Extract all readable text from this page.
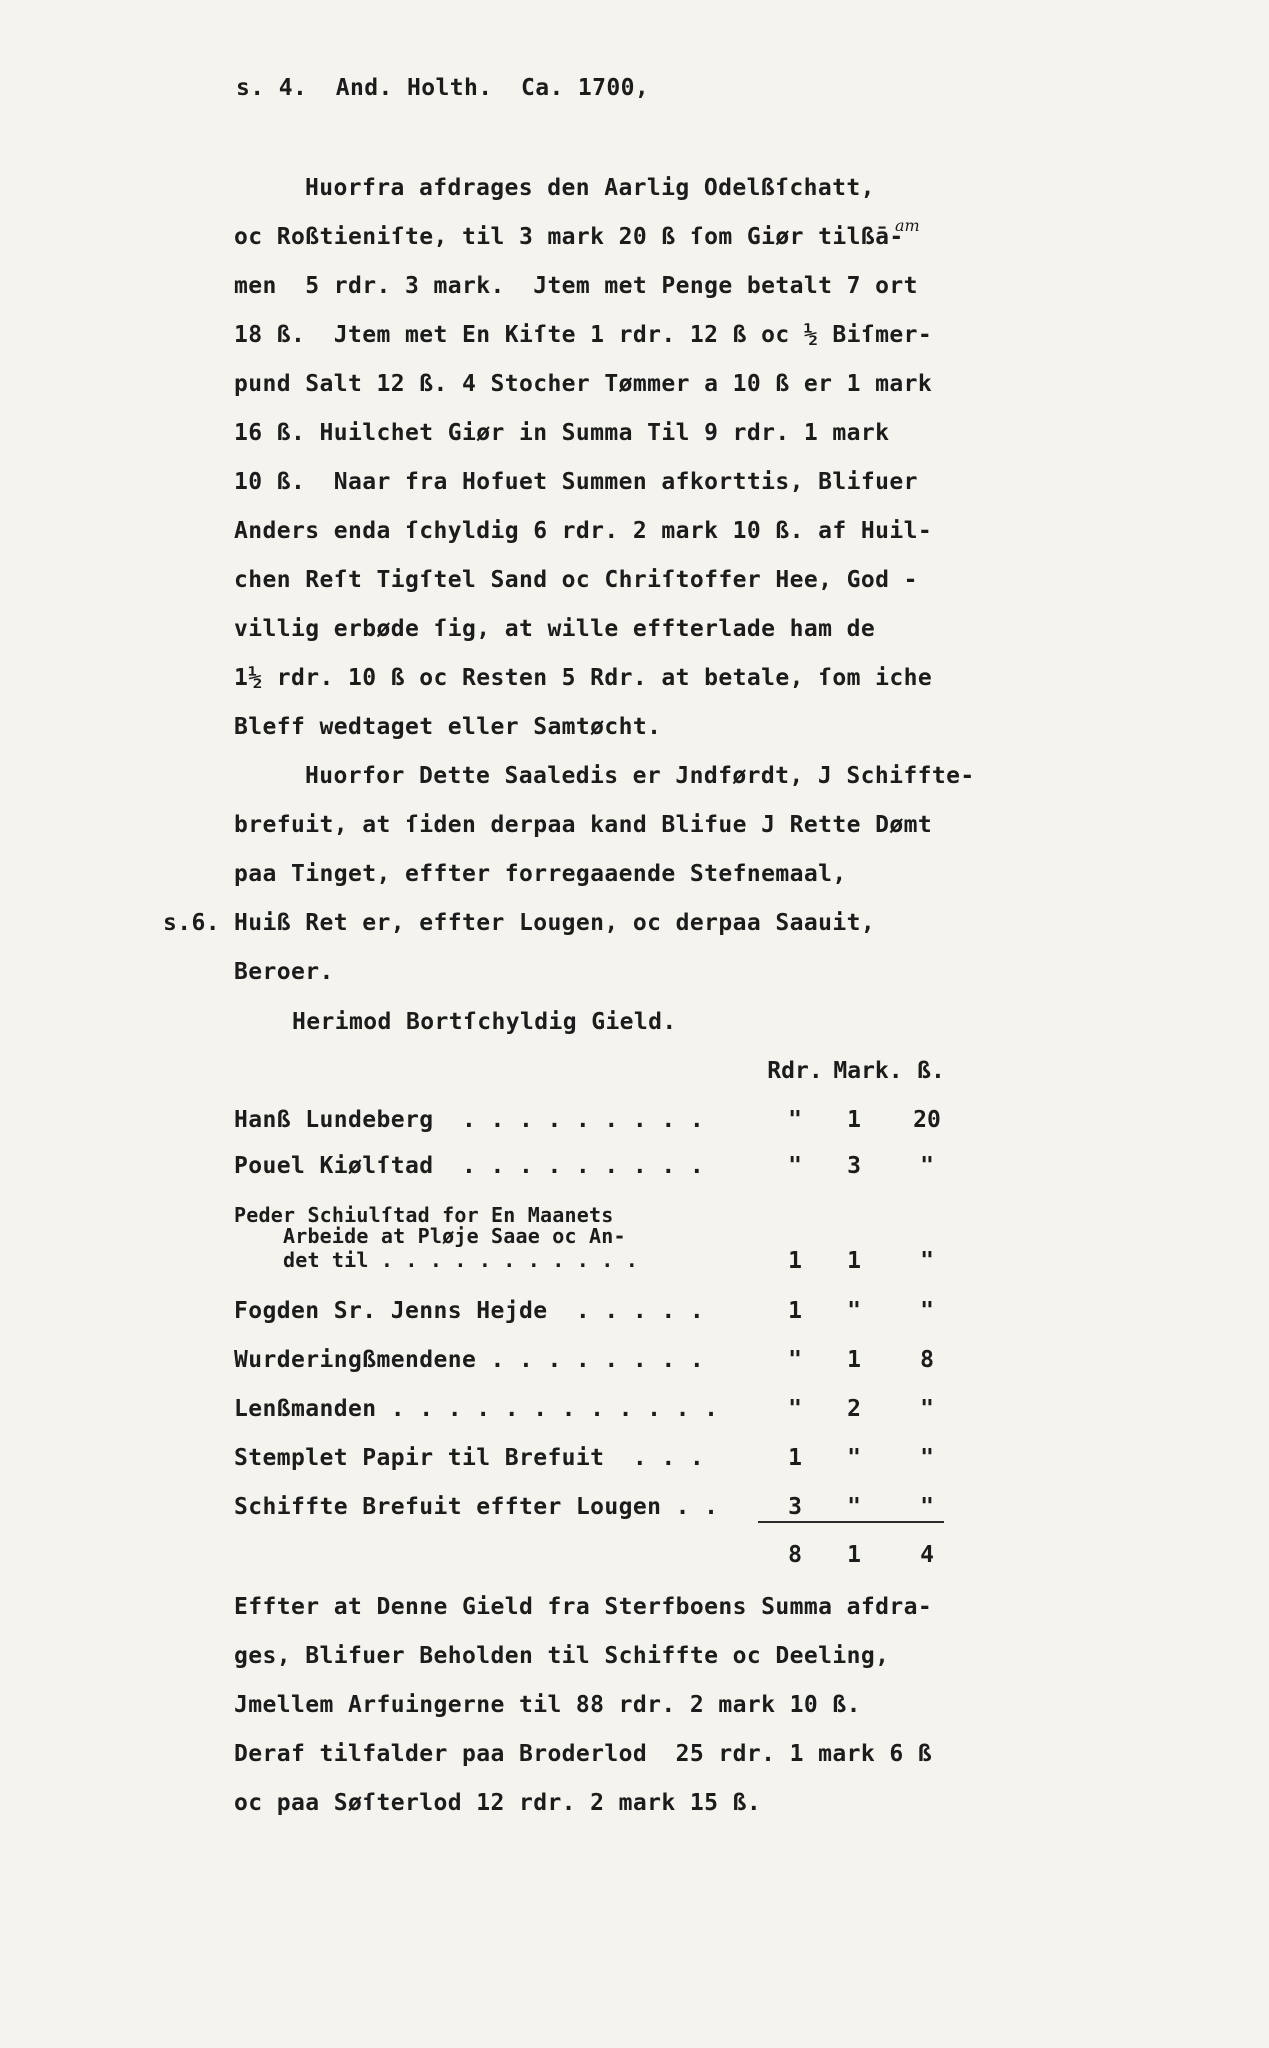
s. 4.  And. Holth.  Ca. 1700,
am
Huorfra afdrages den Aarlig Odelßſchatt,
oc Roßtieniſte, til 3 mark 20 ß ſom Giør tilßā-
men  5 rdr. 3 mark.  Jtem met Penge betalt 7 ort
18 ß.  Jtem met En Kiſte 1 rdr. 12 ß oc ½ Biſmer-
pund Salt 12 ß. 4 Stocher Tømmer a 10 ß er 1 mark
16 ß. Huilchet Giør in Summa Til 9 rdr. 1 mark
10 ß.  Naar fra Hofuet Summen afkorttis, Blifuer
Anders enda ſchyldig 6 rdr. 2 mark 10 ß. af Huil-
chen Reſt Tigſtel Sand oc Chriſtoffer Hee, God -
villig erbøde ſig, at wille effterlade ham de
1½ rdr. 10 ß oc Resten 5 Rdr. at betale, ſom iche
Bleff wedtaget eller Samtøcht.
Huorfor Dette Saaledis er Jndførdt, J Schiffte-
brefuit, at ſiden derpaa kand Blifue J Rette Dømt
paa Tinget, effter forregaaende Stefnemaal,
s.6. Huiß Ret er, effter Lougen, oc derpaa Saauit,
Beroer.
Herimod Bortſchyldig Gield.
Rdr. Mark. ß.
Hanß Lundeberg  . . . . . . . . .	"	1	20
Pouel Kiølſtad  . . . . . . . . .	"	3	"
Peder Schiulſtad for En Maanets
Arbeide at Pløje Saae oc An-
det til . . . . . . . . . . .	1	1	"
Fogden Sr. Jenns Hejde  . . . . .	1	"	"
Wurderingßmendene . . . . . . . .	"	1	8
Lenßmanden . . . . . . . . . . . .	"	2	"
Stemplet Papir til Brefuit  . . .	1	"	"
Schiffte Brefuit effter Lougen . .	3	"	"
8	1	4
Effter at Denne Gield fra Sterfboens Summa afdra-
ges, Blifuer Beholden til Schiffte oc Deeling,
Jmellem Arfuingerne til 88 rdr. 2 mark 10 ß.
Deraf tilfalder paa Broderlod  25 rdr. 1 mark 6 ß
oc paa Søſterlod 12 rdr. 2 mark 15 ß.
